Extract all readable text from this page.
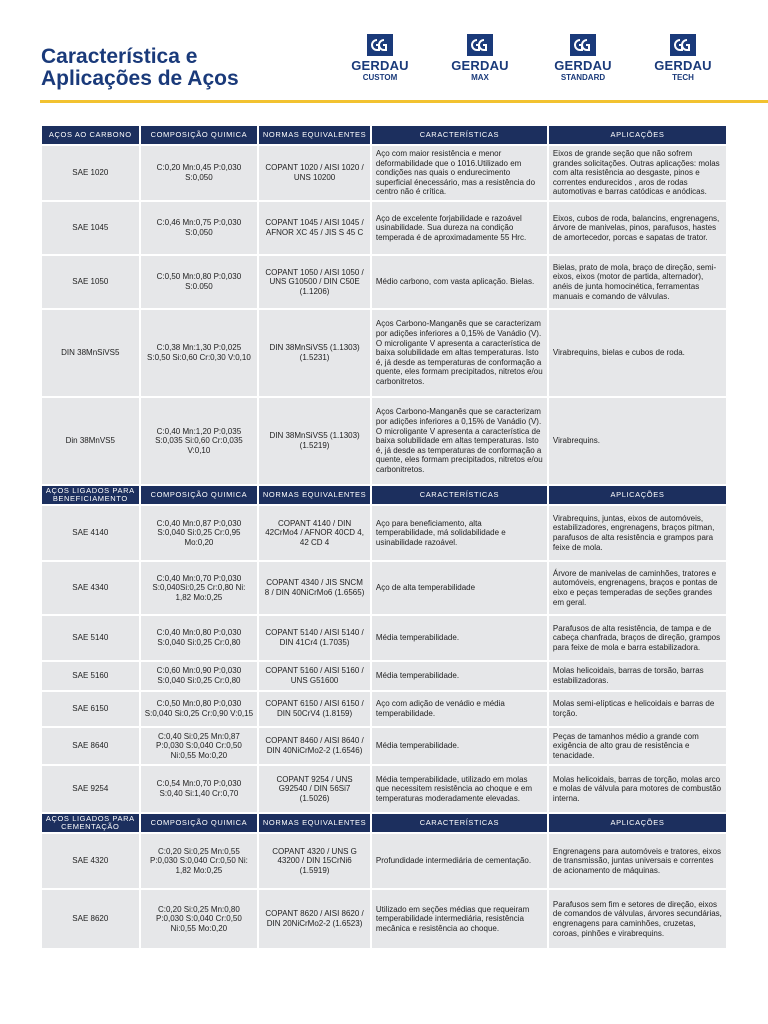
Característica e
Aplicações de Aços
GERDAU
CUSTOM
GERDAU
MAX
GERDAU
STANDARD
GERDAU
TECH
AÇOS AO CARBONO	COMPOSIÇÃO QUIMICA	NORMAS EQUIVALENTES	CARACTERÍSTICAS	APLICAÇÕES
SAE 1020	C:0,20 Mn:0,45 P:0,030 S:0,050	COPANT 1020 / AISI 1020 / UNS 10200	Aço com maior resistência e menor deformabilidade que o 1016.Utilizado em condições nas quais o endurecimento superficial énecessário, mas a resistência do centro não é crítica.	Eixos de grande seção que não sofrem grandes solicitações. Outras aplicações: molas com alta resistência ao desgaste, pinos e correntes endurecidos , aros de rodas automotivas e barras catódicas e anódicas.
SAE 1045	C:0,46 Mn:0,75 P:0,030 S:0,050	COPANT 1045 / AISI 1045 / AFNOR XC 45 / JIS S 45 C	Aço de excelente forjabilidade e razoável usinabilidade. Sua dureza na condição temperada é de aproximadamente 55 Hrc.	Eixos, cubos de roda, balancins, engrenagens, árvore de manivelas, pinos, parafusos, hastes de amortecedor, porcas e sapatas de trator.
SAE 1050	C:0,50 Mn:0,80 P:0,030 S:0.050	COPANT 1050 / AISI 1050 / UNS G10500 / DIN C50E (1.1206)	Médio carbono, com vasta aplicação. Bielas.	Bielas, prato de mola, braço de direção, semi-eixos, eixos (motor de partida, alternador), anéis de junta homocinética, ferramentas manuais e comando de válvulas.
DIN 38MnSiVS5	C:0,38 Mn:1,30 P:0,025 S:0,50 Si:0,60 Cr:0,30 V:0,10	DIN 38MnSiVS5 (1.1303) (1.5231)	Aços Carbono-Manganês que se caracterizam por adições inferiores a 0,15% de Vanádio (V). O microligante V apresenta a característica de baixa solubilidade em altas temperaturas. Isto é, já desde as temperaturas de conformação a quente, eles formam precipitados, nitretos e/ou carbonitretos.	Virabrequins, bielas e cubos de roda.
Din 38MnVS5	C:0,40 Mn:1,20 P:0,035 S:0,035 Si:0,60 Cr:0,035 V:0,10	DIN 38MnSiVS5 (1.1303) (1.5219)	Aços Carbono-Manganês que se caracterizam por adições inferiores a 0,15% de Vanádio (V). O microligante V apresenta a característica de baixa solubilidade em altas temperaturas. Isto é, já desde as temperaturas de conformação a quente, eles formam precipitados, nitretos e/ou carbonitretos.	Virabrequins.
AÇOS LIGADOS PARA BENEFICIAMENTO	COMPOSIÇÃO QUIMICA	NORMAS EQUIVALENTES	CARACTERÍSTICAS	APLICAÇÕES
SAE 4140	C:0,40 Mn:0,87 P:0,030 S:0,040 Si:0,25 Cr:0,95 Mo:0,20	COPANT 4140 / DIN 42CrMo4 / AFNOR 40CD 4, 42 CD 4	Aço para beneficiamento, alta temperabilidade, má solidabilidade e usinabilidade razoável.	Virabrequins, juntas, eixos de automóveis, estabilizadores, engrenagens, braços pitman, parafusos de alta resistência e grampos para feixe de mola.
SAE 4340	C:0,40 Mn:0,70 P:0,030 S:0,040Si:0,25 Cr:0,80 Ni: 1,82 Mo:0,25	COPANT 4340 / JIS SNCM 8 / DIN 40NiCrMo6 (1.6565)	Aço de alta temperabilidade	Árvore de manivelas de caminhões, tratores e automóveis, engrenagens, braços e pontas de eixo e peças temperadas de seções grandes em geral.
SAE 5140	C:0,40 Mn:0,80 P:0,030 S:0,040 Si:0,25 Cr:0,80	COPANT 5140 / AISI 5140 / DIN 41Cr4 (1.7035)	Média temperabilidade.	Parafusos de alta resistência, de tampa e de cabeça chanfrada, braços de direção, grampos para feixe de mola e barra estabilizadora.
SAE 5160	C:0,60 Mn:0,90 P:0,030 S:0,040 Si:0,25 Cr:0,80	COPANT 5160 / AISI 5160 / UNS G51600	Média temperabilidade.	Molas helicoidais, barras de torsão, barras estabilizadoras.
SAE 6150	C:0,50 Mn:0,80 P:0,030 S:0,040 Si:0,25 Cr:0,90 V:0,15	COPANT 6150 / AISI 6150 / DIN 50CrV4 (1.8159)	Aço com adição de venádio e média temperabilidade.	Molas semi-elípticas e helicoidais e barras de torção.
SAE 8640	C:0,40 Si:0,25 Mn:0,87 P:0,030 S:0,040 Cr:0,50 Ni:0,55 Mo:0,20	COPANT 8460 / AISI 8640 / DIN 40NiCrMo2-2 (1.6546)	Média temperabilidade.	Peças de tamanhos médio a grande com exigência de alto grau de resistência e tenacidade.
SAE 9254	C:0,54 Mn:0,70 P:0,030 S:0,40 Si:1,40 Cr:0,70	COPANT 9254 / UNS G92540 / DIN 56Si7 (1.5026)	Média temperabilidade, utilizado em molas que necessitem resistência ao choque e em temperaturas moderadamente elevadas.	Molas helicoidais, barras de torção, molas arco e molas de válvula para motores de combustão interna.
AÇOS LIGADOS PARA CEMENTAÇÃO	COMPOSIÇÃO QUIMICA	NORMAS EQUIVALENTES	CARACTERÍSTICAS	APLICAÇÕES
SAE 4320	C:0,20 Si:0,25 Mn:0,55 P:0,030 S:0,040 Cr:0,50 Ni: 1,82 Mo:0,25	COPANT 4320 / UNS G 43200 / DIN 15CrNi6 (1.5919)	Profundidade intermediária de cementação.	Engrenagens para automóveis e tratores, eixos de transmissão, juntas universais e correntes de acionamento de máquinas.
SAE 8620	C:0,20 Si:0,25 Mn:0,80 P:0,030 S:0,040 Cr:0,50 Ni:0,55 Mo:0,20	COPANT 8620 / AISI 8620 / DIN 20NiCrMo2-2 (1.6523)	Utilizado em seções médias que requeiram temperabilidade intermediária, resistência mecânica e resistência ao choque.	Parafusos sem fim e setores de direção, eixos de comandos de válvulas, árvores secundárias, engrenagens para caminhões, cruzetas, coroas, pinhões e virabrequins.
